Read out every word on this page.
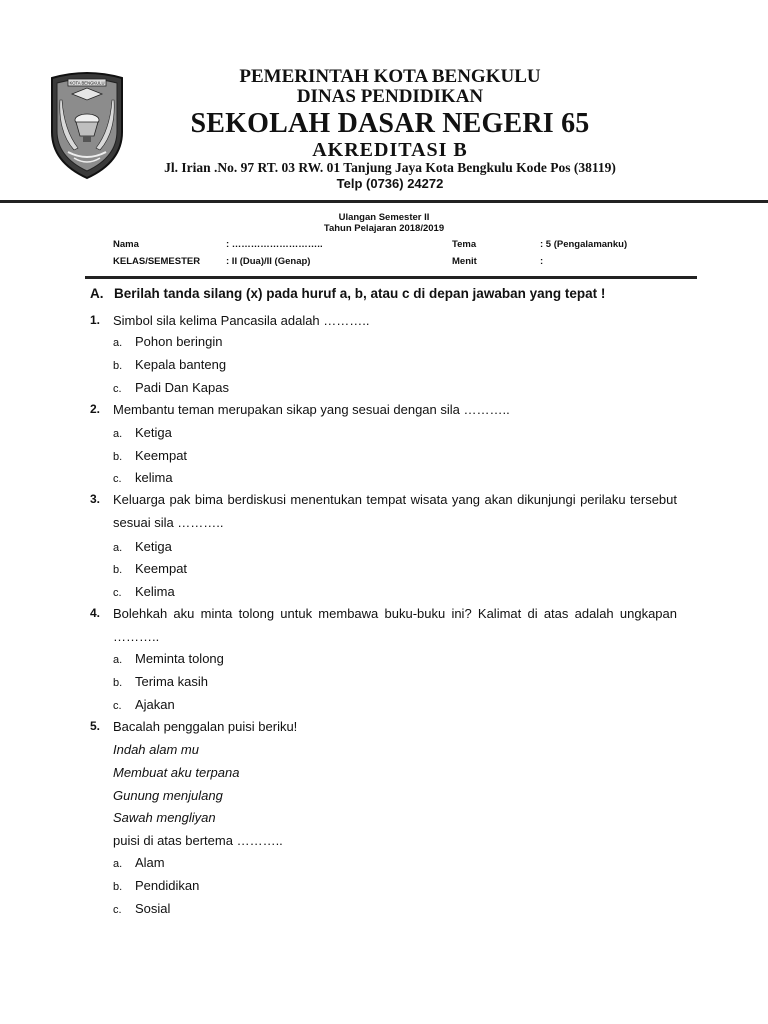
KOTA BENGKULU	PEMERINTAH KOTA BENGKULU
DINAS PENDIDIKAN
SEKOLAH DASAR NEGERI 65
AKREDITASI B
Jl. Irian .No. 97 RT. 03 RW. 01 Tanjung Jaya Kota Bengkulu Kode Pos (38119)
Telp (0736) 24272
Ulangan Semester II
Tahun Pelajaran 2018/2019
Nama	: ………………………..	Tema	: 5 (Pengalamanku)
KELAS/SEMESTER	: II (Dua)/II (Genap)	Menit	:
A. Berilah tanda silang (x) pada huruf a, b, atau c di depan jawaban yang tepat !
1. Simbol sila kelima Pancasila adalah ………..
a. Pohon beringin
b. Kepala banteng
c. Padi Dan Kapas
2. Membantu teman merupakan sikap yang sesuai dengan sila ………..
a. Ketiga
b. Keempat
c. kelima
3. Keluarga pak bima berdiskusi menentukan tempat wisata yang akan dikunjungi perilaku tersebut sesuai sila ………..
a. Ketiga
b. Keempat
c. Kelima
4. Bolehkah aku minta tolong untuk membawa buku-buku ini? Kalimat di atas adalah ungkapan ………..
a. Meminta tolong
b. Terima kasih
c. Ajakan
5. Bacalah penggalan puisi beriku!
Indah alam mu
Membuat aku terpana
Gunung menjulang
Sawah mengliyan
puisi di atas bertema ………..
a. Alam
b. Pendidikan
c. Sosial
